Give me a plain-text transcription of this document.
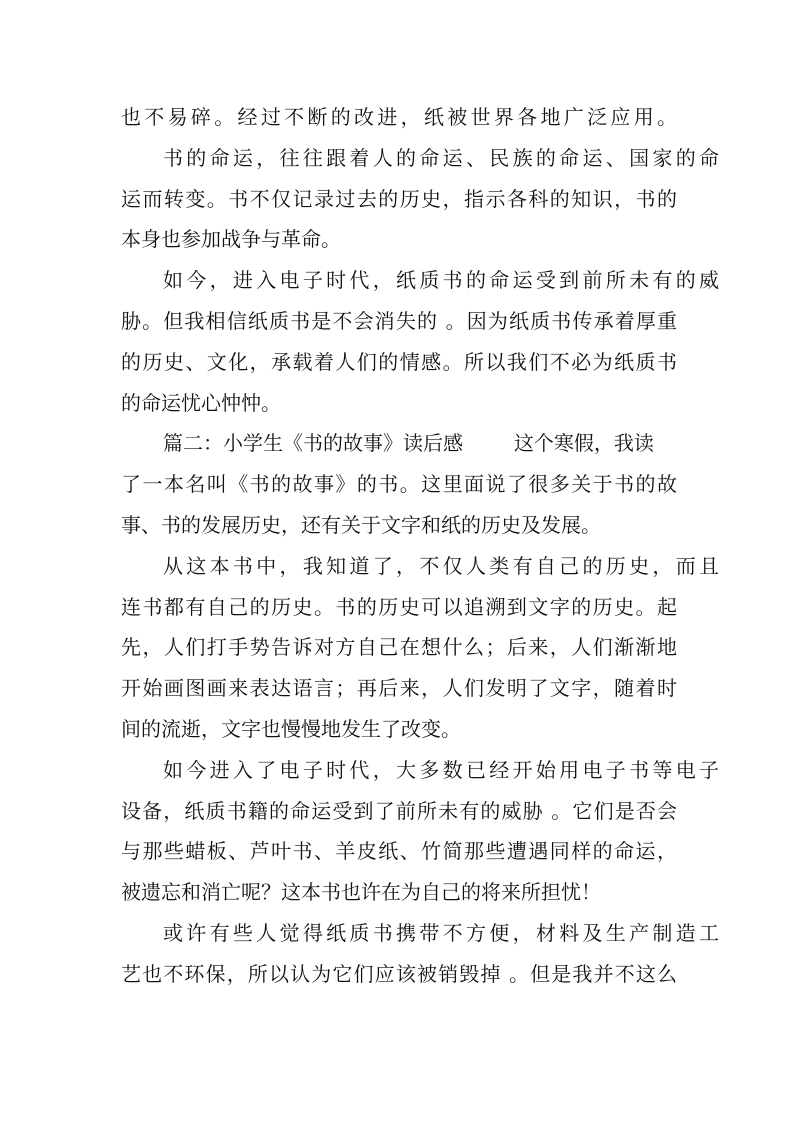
也不易碎。经过不断的改进，纸被世界各地广泛应用。
书的命运，往往跟着人的命运、民族的命运、国家的命
运而转变。书不仅记录过去的历史，指示各科的知识，书的
本身也参加战争与革命。
如今，进入电子时代，纸质书的命运受到前所未有的威
胁。但我相信纸质书是不会消失的 。因为纸质书传承着厚重
的历史、文化，承载着人们的情感。所以我们不必为纸质书
的命运忧心忡忡。
篇二：小学生《书的故事》读后感        这个寒假，我读
了一本名叫《书的故事》的书。这里面说了很多关于书的故
事、书的发展历史，还有关于文字和纸的历史及发展。
从这本书中，我知道了，不仅人类有自己的历史，而且
连书都有自己的历史。书的历史可以追溯到文字的历史。起
先，人们打手势告诉对方自己在想什么；后来，人们渐渐地
开始画图画来表达语言；再后来，人们发明了文字，随着时
间的流逝，文字也慢慢地发生了改变。
如今进入了电子时代，大多数已经开始用电子书等电子
设备，纸质书籍的命运受到了前所未有的威胁 。它们是否会
与那些蜡板、芦叶书、羊皮纸、竹简那些遭遇同样的命运，
被遗忘和消亡呢？这本书也许在为自己的将来所担忧！
或许有些人觉得纸质书携带不方便，材料及生产制造工
艺也不环保，所以认为它们应该被销毁掉 。但是我并不这么
